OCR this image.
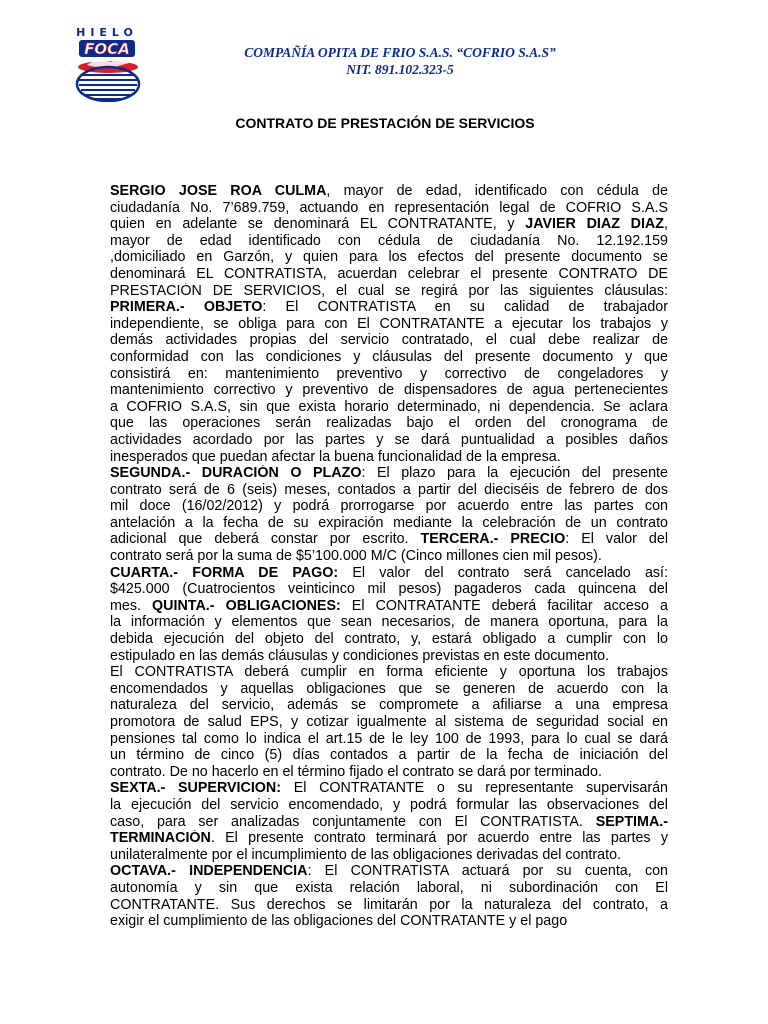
HIELO
FOCA	COMPAÑÍA OPITA DE FRIO S.A.S. “COFRIO S.A.S”
NIT. 891.102.323-5
CONTRATO DE PRESTACIÓN DE SERVICIOS
SERGIO JOSE ROA CULMA, mayor de edad, identificado con cédula de
ciudadanía No. 7’689.759, actuando en representación legal de COFRIO S.A.S
quien en adelante se denominará EL CONTRATANTE, y JAVIER DIAZ DIAZ,
mayor de edad identificado con cédula de ciudadanía No. 12.192.159
,domiciliado en Garzón, y quien para los efectos del presente documento se
denominará EL CONTRATISTA, acuerdan celebrar el presente CONTRATO DE
PRESTACIÓN DE SERVICIOS, el cual se regirá por las siguientes cláusulas:
PRIMERA.- OBJETO: El CONTRATISTA en su calidad de trabajador
independiente, se obliga para con El CONTRATANTE a ejecutar los trabajos y
demás actividades propias del servicio contratado, el cual debe realizar de
conformidad con las condiciones y cláusulas del presente documento y que
consistirá en: mantenimiento preventivo y correctivo de congeladores y
mantenimiento correctivo y preventivo de dispensadores de agua pertenecientes
a COFRIO S.A.S, sin que exista horario determinado, ni dependencia. Se aclara
que las operaciones serán realizadas bajo el orden del cronograma de
actividades acordado por las partes y se dará puntualidad a posibles daños
inesperados que puedan afectar la buena funcionalidad de la empresa.
SEGUNDA.- DURACIÓN O PLAZO: El plazo para la ejecución del presente
contrato será de 6 (seis) meses, contados a partir del dieciséis de febrero de dos
mil doce (16/02/2012) y podrá prorrogarse por acuerdo entre las partes con
antelación a la fecha de su expiración mediante la celebración de un contrato
adicional que deberá constar por escrito. TERCERA.- PRECIO: El valor del
contrato será por la suma de $5’100.000 M/C (Cinco millones cien mil pesos).
CUARTA.- FORMA DE PAGO: El valor del contrato será cancelado así:
$425.000 (Cuatrocientos veinticinco mil pesos) pagaderos cada quincena del
mes. QUINTA.- OBLIGACIONES: El CONTRATANTE deberá facilitar acceso a
la información y elementos que sean necesarios, de manera oportuna, para la
debida ejecución del objeto del contrato, y, estará obligado a cumplir con lo
estipulado en las demás cláusulas y condiciones previstas en este documento.
El CONTRATISTA deberá cumplir en forma eficiente y oportuna los trabajos
encomendados y aquellas obligaciones que se generen de acuerdo con la
naturaleza del servicio, además se compromete a afiliarse a una empresa
promotora de salud EPS, y cotizar igualmente al sistema de seguridad social en
pensiones tal como lo indica el art.15 de le ley 100 de 1993, para lo cual se dará
un término de cinco (5) días contados a partir de la fecha de iniciación del
contrato. De no hacerlo en el término fijado el contrato se dará por terminado.
SEXTA.- SUPERVICION: El CONTRATANTE o su representante supervisarán
la ejecución del servicio encomendado, y podrá formular las observaciones del
caso, para ser analizadas conjuntamente con El CONTRATISTA. SEPTIMA.-
TERMINACIÓN. El presente contrato terminará por acuerdo entre las partes y
unilateralmente por el incumplimiento de las obligaciones derivadas del contrato.
OCTAVA.- INDEPENDENCIA: El CONTRATISTA actuará por su cuenta, con
autonomía y sin que exista relación laboral, ni subordinación con El
CONTRATANTE. Sus derechos se limitarán por la naturaleza del contrato, a
exigir el cumplimiento de las obligaciones del CONTRATANTE y el pago
